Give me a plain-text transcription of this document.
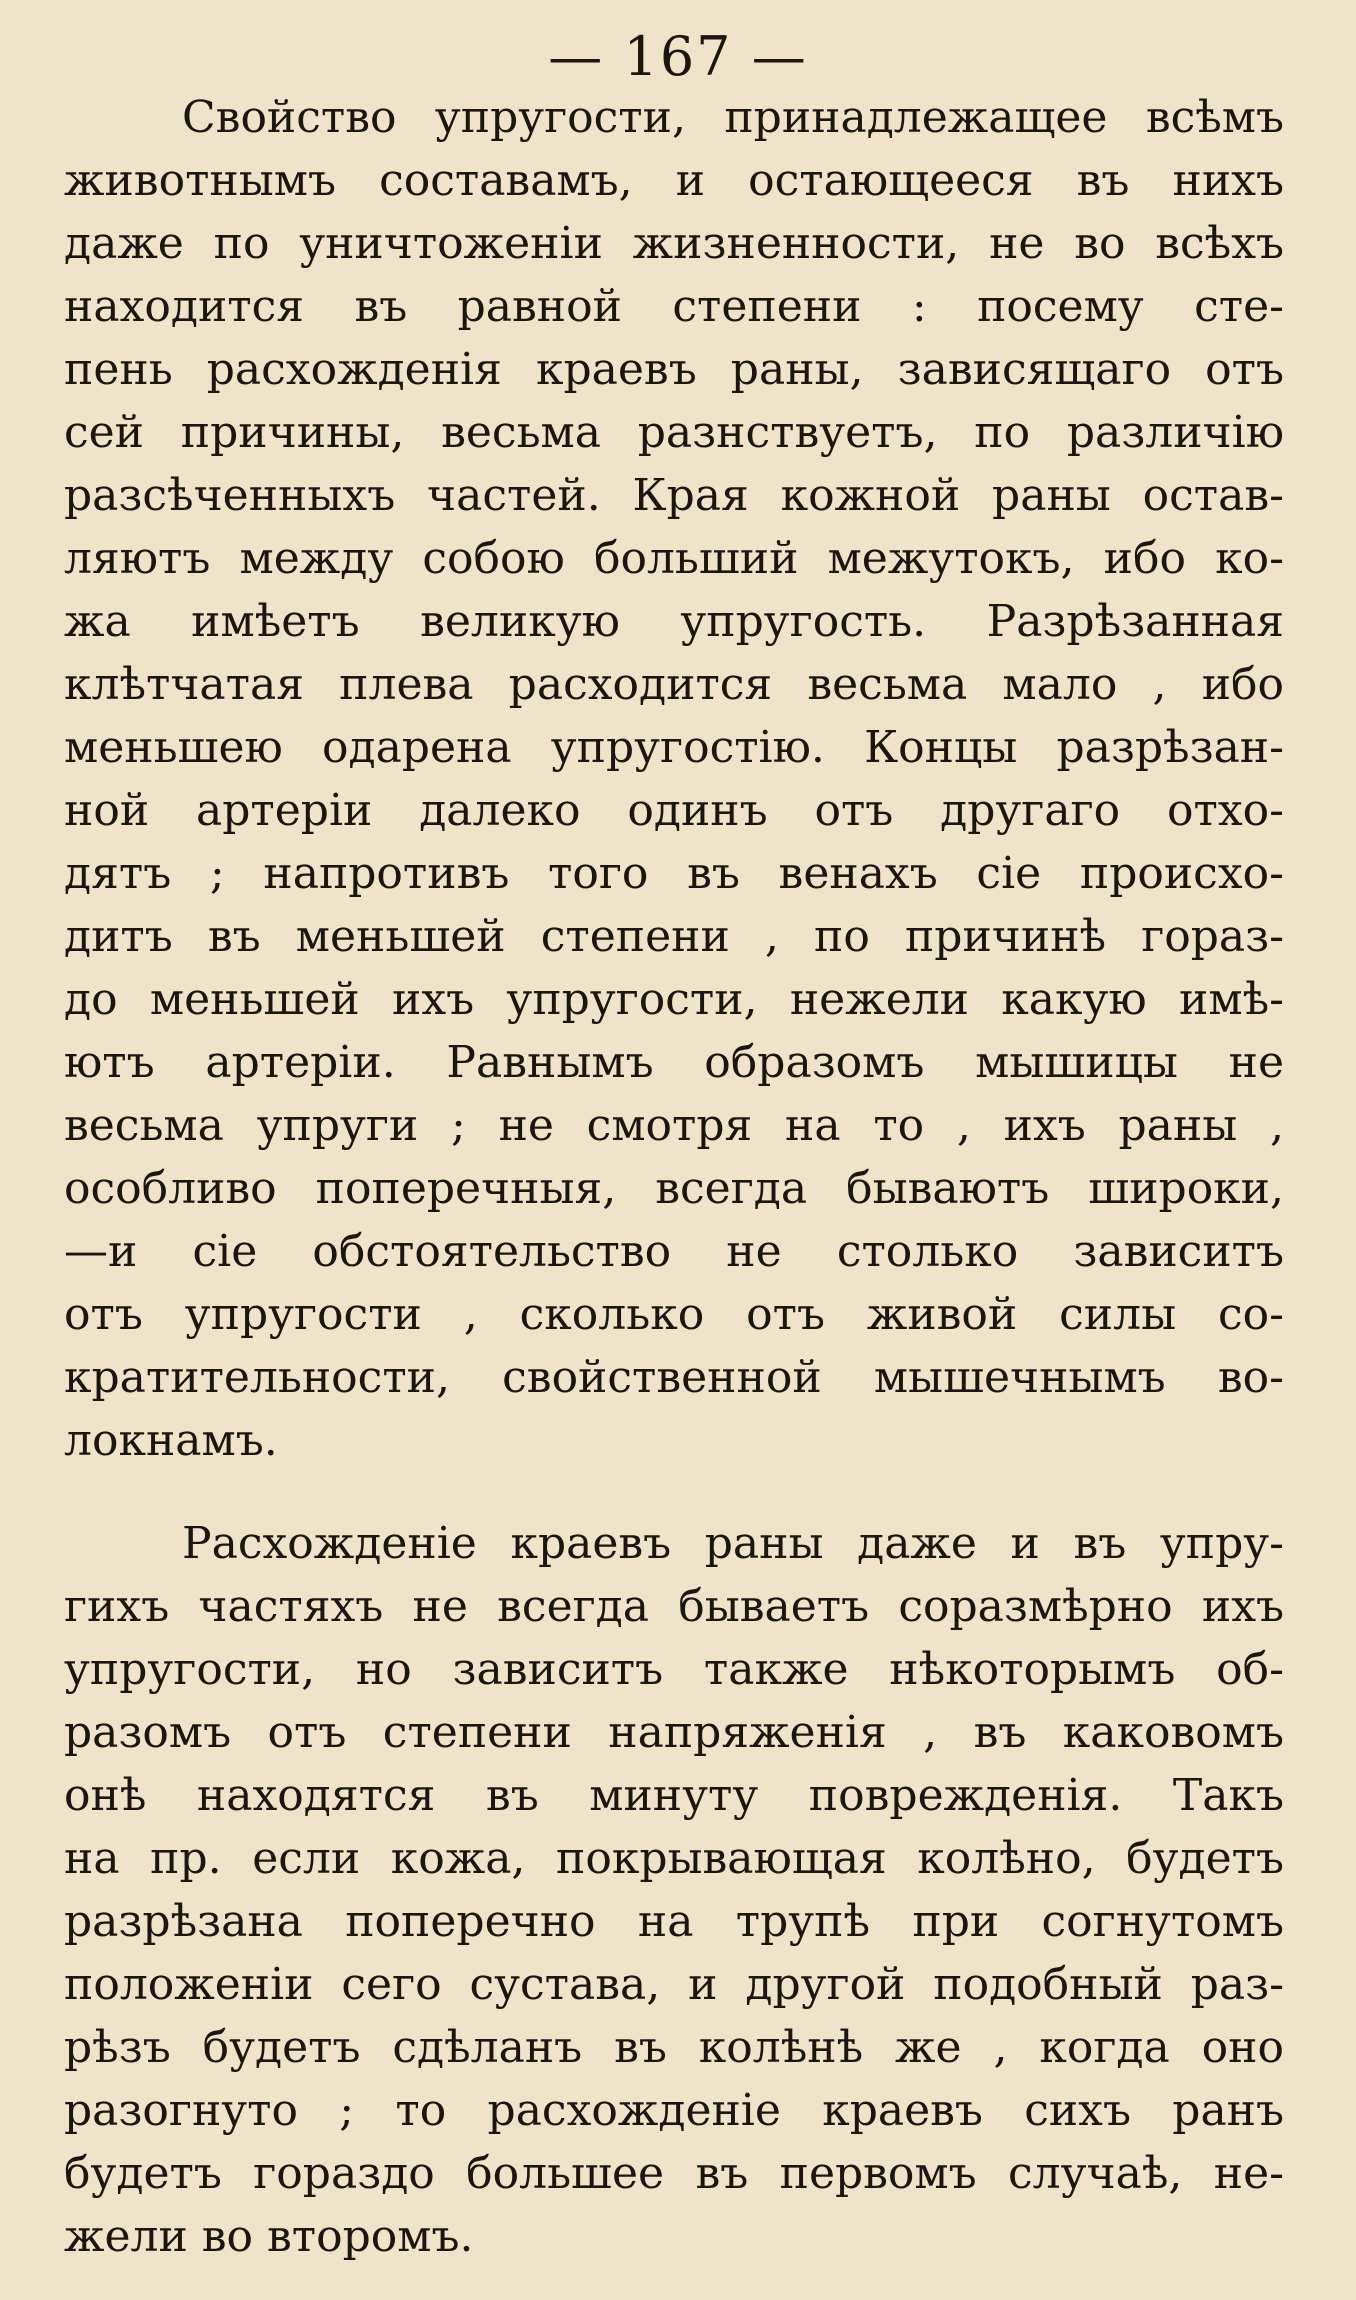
— 167 —
Свойство упругости, принадлежащее всѣмъ
животнымъ составамъ, и остающееся въ нихъ
даже по уничтоженіи жизненности, не во всѣхъ
находится въ равной степени : посему сте-
пень расхожденія краевъ раны, зависящаго отъ
сей причины, весьма разнствуетъ, по различію
разсѣченныхъ частей. Края кожной раны остав-
ляютъ между собою больший межутокъ, ибо ко-
жа имѣетъ великую упругость. Разрѣзанная
клѣтчатая плева расходится весьма мало , ибо
меньшею одарена упругостію. Концы разрѣзан-
ной артеріи далеко одинъ отъ другаго отхо-
дятъ ; напротивъ того въ венахъ сіе происхо-
дитъ въ меньшей степени , по причинѣ гораз-
до меньшей ихъ упругости, нежели какую имѣ-
ютъ артеріи. Равнымъ образомъ мышицы не
весьма упруги ; не смотря на то , ихъ раны ,
особливо поперечныя, всегда бываютъ широки,
—и сіе обстоятельство не столько зависитъ
отъ упругости , сколько отъ живой силы со-
кратительности, свойственной мышечнымъ во-
локнамъ.
Расхожденіе краевъ раны даже и въ упру-
гихъ частяхъ не всегда бываетъ соразмѣрно ихъ
упругости, но зависитъ также нѣкоторымъ об-
разомъ отъ степени напряженія , въ каковомъ
онѣ находятся въ минуту поврежденія. Такъ
на пр. если кожа, покрывающая колѣно, будетъ
разрѣзана поперечно на трупѣ при согнутомъ
положеніи сего сустава, и другой подобный раз-
рѣзъ будетъ сдѣланъ въ колѣнѣ же , когда оно
разогнуто ; то расхожденіе краевъ сихъ ранъ
будетъ гораздо большее въ первомъ случаѣ, не-
жели во второмъ.
